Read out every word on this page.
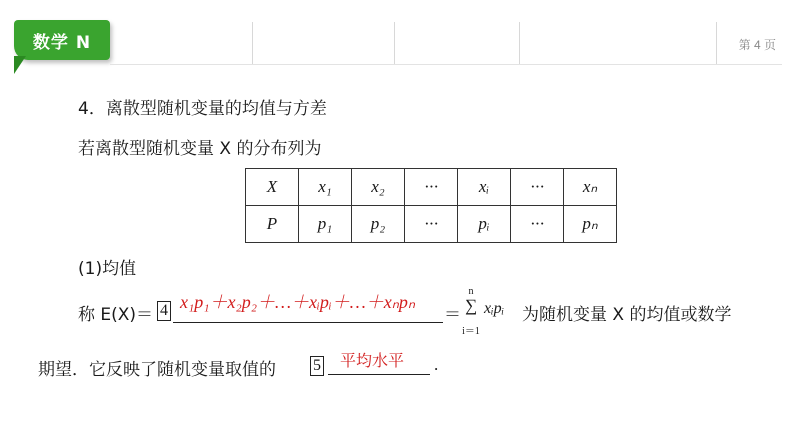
数学 N	第 4 页
4．离散型随机变量的均值与方差
若离散型随机变量 X 的分布列为
X	x₁	x₂	···	xᵢ	···	xₙ
P	p₁	p₂	···	pᵢ	···	pₙ
(1)均值
称 E(X)＝ 4 x₁p₁＋x₂p₂＋…＋xᵢpᵢ＋…＋xₙpₙ
＝
n
∑
i＝1
xᵢpᵢ 为随机变量 X 的均值或数学
期望．它反映了随机变量取值的 5	平均水平 .
